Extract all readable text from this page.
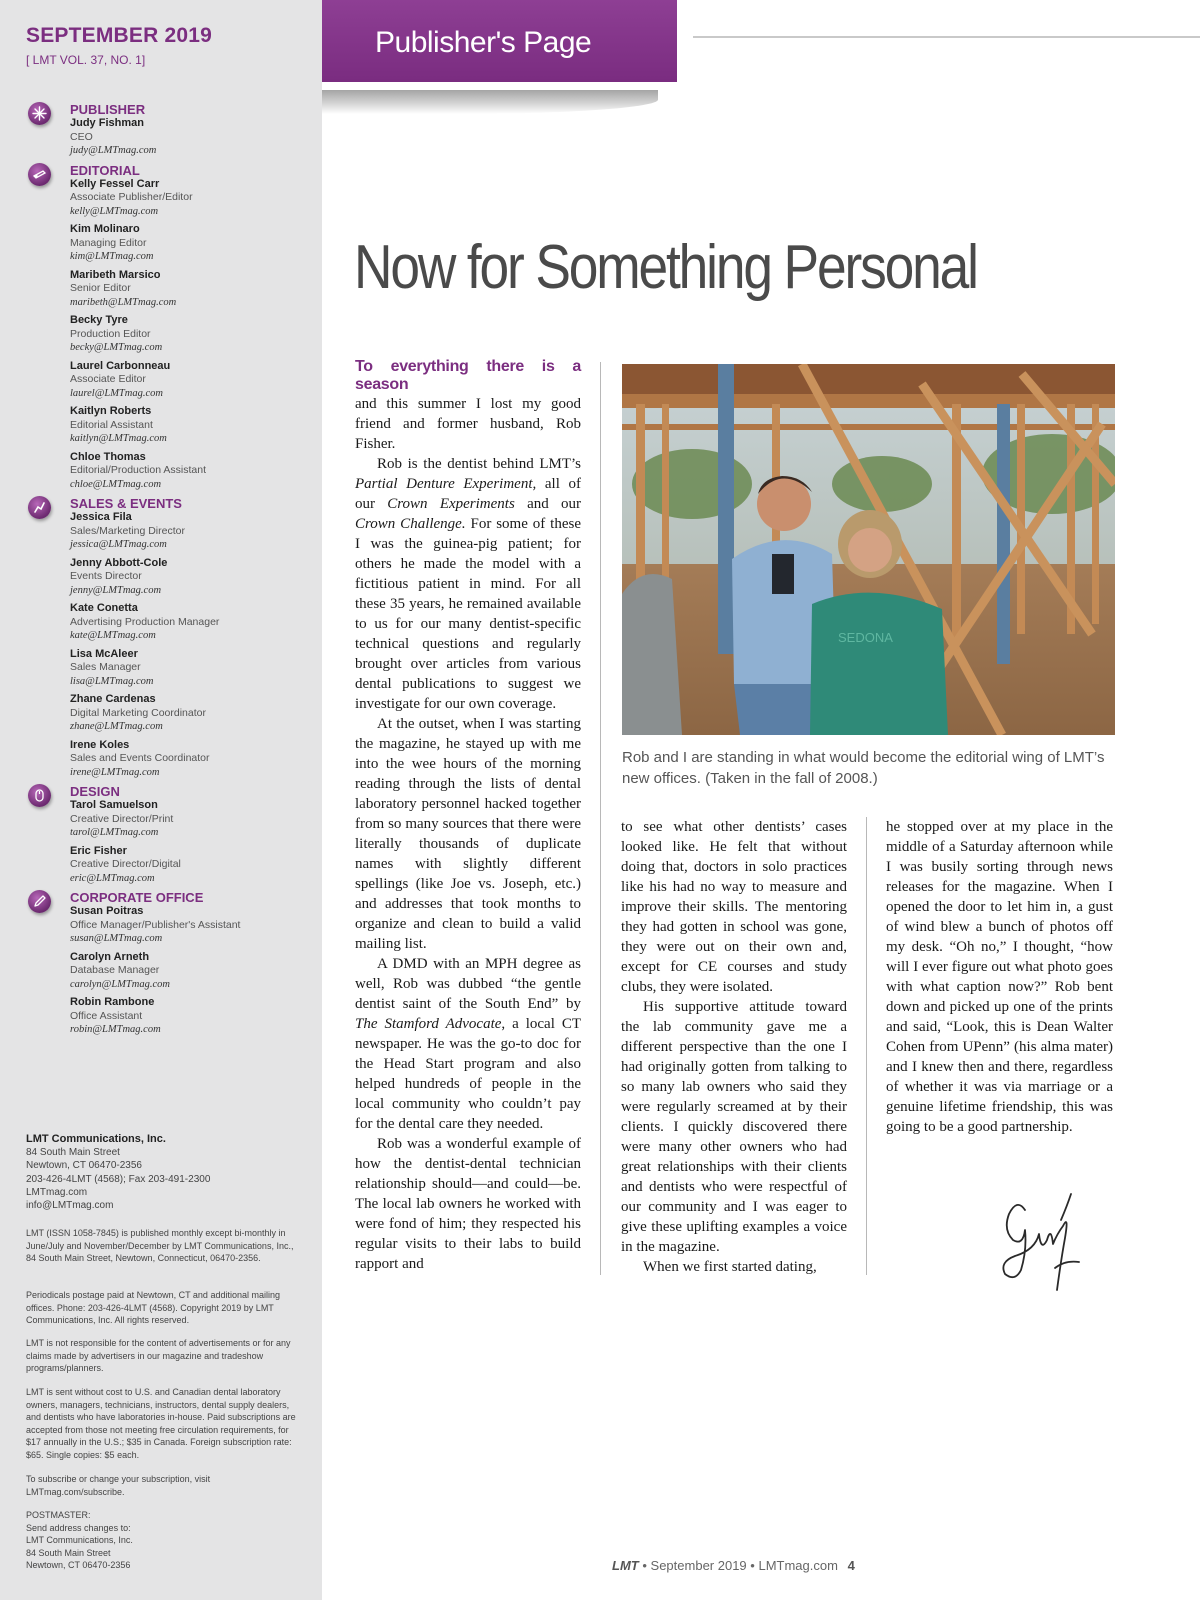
SEPTEMBER 2019
[ LMT VOL. 37, NO. 1]
PUBLISHER
Judy Fishman
CEO
judy@LMTmag.com
EDITORIAL
Kelly Fessel Carr
Associate Publisher/Editor
kelly@LMTmag.com
Kim Molinaro
Managing Editor
kim@LMTmag.com
Maribeth Marsico
Senior Editor
maribeth@LMTmag.com
Becky Tyre
Production Editor
becky@LMTmag.com
Laurel Carbonneau
Associate Editor
laurel@LMTmag.com
Kaitlyn Roberts
Editorial Assistant
kaitlyn@LMTmag.com
Chloe Thomas
Editorial/Production Assistant
chloe@LMTmag.com
SALES & EVENTS
Jessica Fila
Sales/Marketing Director
jessica@LMTmag.com
Jenny Abbott-Cole
Events Director
jenny@LMTmag.com
Kate Conetta
Advertising Production Manager
kate@LMTmag.com
Lisa McAleer
Sales Manager
lisa@LMTmag.com
Zhane Cardenas
Digital Marketing Coordinator
zhane@LMTmag.com
Irene Koles
Sales and Events Coordinator
irene@LMTmag.com
DESIGN
Tarol Samuelson
Creative Director/Print
tarol@LMTmag.com
Eric Fisher
Creative Director/Digital
eric@LMTmag.com
CORPORATE OFFICE
Susan Poitras
Office Manager/Publisher's Assistant
susan@LMTmag.com
Carolyn Arneth
Database Manager
carolyn@LMTmag.com
Robin Rambone
Office Assistant
robin@LMTmag.com
LMT Communications, Inc.
84 South Main Street
Newtown, CT 06470-2356
203-426-4LMT (4568); Fax 203-491-2300
LMTmag.com
info@LMTmag.com
LMT (ISSN 1058-7845) is published monthly except bi-monthly in June/July and November/December by LMT Communications, Inc., 84 South Main Street, Newtown, Connecticut, 06470-2356.
Periodicals postage paid at Newtown, CT and additional mailing offices. Phone: 203-426-4LMT (4568). Copyright 2019 by LMT Communications, Inc. All rights reserved.
LMT is not responsible for the content of advertisements or for any claims made by advertisers in our magazine and tradeshow programs/planners.
LMT is sent without cost to U.S. and Canadian dental laboratory owners, managers, technicians, instructors, dental supply dealers, and dentists who have laboratories in-house. Paid subscriptions are accepted from those not meeting free circulation requirements, for $17 annually in the U.S.; $35 in Canada. Foreign subscription rate: $65. Single copies: $5 each.
To subscribe or change your subscription, visit LMTmag.com/subscribe.
POSTMASTER:
Send address changes to:
LMT Communications, Inc.
84 South Main Street
Newtown, CT 06470-2356
Publisher's Page
Now for Something Personal

To everything there is a season
and this summer I lost my good friend and former husband, Rob Fisher.

Rob is the dentist behind LMT’s Partial Denture Experiment, all of our Crown Experiments and our Crown Challenge. For some of these I was the guinea-pig patient; for others he made the model with a fictitious patient in mind. For all these 35 years, he remained available to us for our many dentist-specific technical questions and regularly brought over articles from various dental publications to suggest we investigate for our own coverage.

At the outset, when I was starting the magazine, he stayed up with me into the wee hours of the morning reading through the lists of dental laboratory personnel hacked together from so many sources that there were literally thousands of duplicate names with slightly different spellings (like Joe vs. Joseph, etc.) and addresses that took months to organize and clean to build a valid mailing list.

A DMD with an MPH degree as well, Rob was dubbed “the gentle dentist saint of the South End” by The Stamford Advocate, a local CT newspaper. He was the go-to doc for the Head Start program and also helped hundreds of people in the local community who couldn’t pay for the dental care they needed.

Rob was a wonderful example of how the dentist-dental technician relationship should—and could—be. The local lab owners he worked with were fond of him; they respected his regular visits to their labs to build rapport and

SEDONA
Rob and I are standing in what would become the editorial wing of LMT’s new offices. (Taken in the fall of 2008.)

to see what other dentists’ cases looked like. He felt that without doing that, doctors in solo practices like his had no way to measure and improve their skills. The mentoring they had gotten in school was gone, they were out on their own and, except for CE courses and study clubs, they were isolated.

His supportive attitude toward the lab community gave me a different perspective than the one I had originally gotten from talking to so many lab owners who said they were regularly screamed at by their clients. I quickly discovered there were many other owners who had great relationships with their clients and dentists who were respectful of our community and I was eager to give these uplifting examples a voice in the magazine.

When we first started dating,

he stopped over at my place in the middle of a Saturday afternoon while I was busily sorting through news releases for the magazine. When I opened the door to let him in, a gust of wind blew a bunch of photos off my desk. “Oh no,” I thought, “how will I ever figure out what photo goes with what caption now?” Rob bent down and picked up one of the prints and said, “Look, this is Dean Walter Cohen from UPenn” (his alma mater) and I knew then and there, regardless of whether it was via marriage or a genuine lifetime friendship, this was going to be a good partnership.

LMT • September 2019 • LMTmag.com 4
